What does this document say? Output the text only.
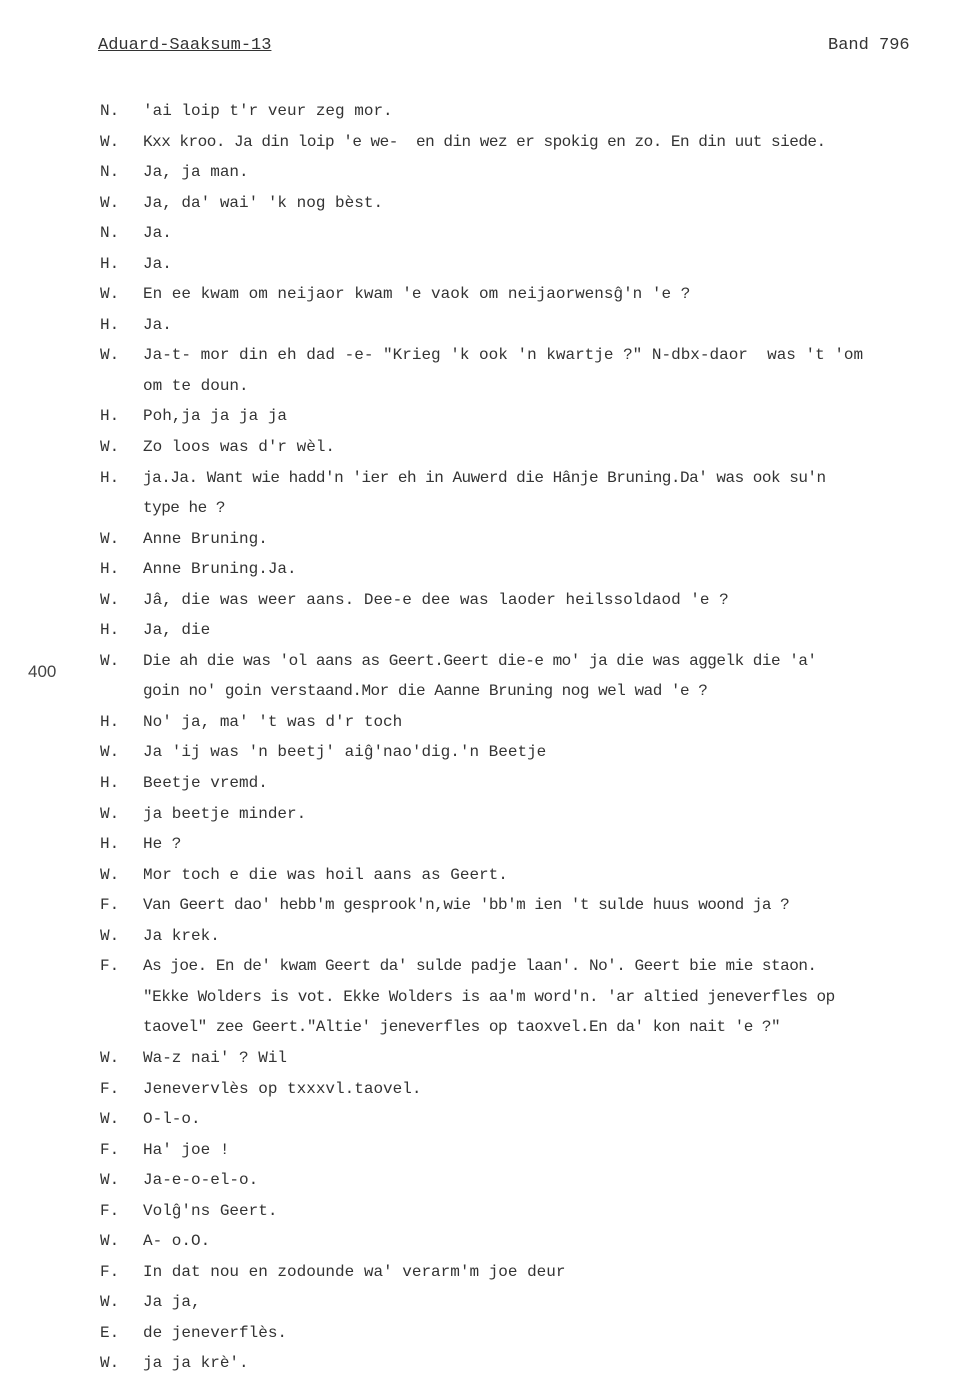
Aduard-Saaksum-13	Band 796
400
N.	'ai loip t'r veur zeg mor.
W.	Kxx kroo. Ja din loip 'e we-  en din wez er spokig en zo. En din uut siede.
N.	Ja, ja man.
W.	Ja, da' wai' 'k nog bèst.
N.	Ja.
H.	Ja.
W.	En ee kwam om neijaor kwam 'e vaok om neijaorwensĝ'n 'e ?
H.	Ja.
W.	Ja-t- mor din eh dad -e- "Krieg 'k ook 'n kwartje ?" N-dbx-daor  was 't 'om
om te doun.
H.	Poh,ja ja ja ja
W.	Zo loos was d'r wèl.
H.	ja.Ja. Want wie hadd'n 'ier eh in Auwerd die Hânje Bruning.Da' was ook su'n
type he ?
W.	Anne Bruning.
H.	Anne Bruning.Ja.
W.	Jâ, die was weer aans. Dee-e dee was laoder heilssoldaod 'e ?
H.	Ja, die
W.	Die ah die was 'ol aans as Geert.Geert die-e mo' ja die was aggelk die 'a'
goin no' goin verstaand.Mor die Aanne Bruning nog wel wad 'e ?
H.	No' ja, ma' 't was d'r toch
W.	Ja 'ij was 'n beetj' aiĝ'nao'dig.'n Beetje
H.	Beetje vremd.
W.	ja beetje minder.
H.	He ?
W.	Mor toch e die was hoil aans as Geert.
F.	Van Geert dao' hebb'm gesprook'n,wie 'bb'm ien 't sulde huus woond ja ?
W.	Ja krek.
F.	As joe. En de' kwam Geert da' sulde padje laan'. No'. Geert bie mie staon.
"Ekke Wolders is vot. Ekke Wolders is aa'm word'n. 'ar altied jeneverfles op
taovel" zee Geert."Altie' jeneverfles op taoxvel.En da' kon nait 'e ?"
W.	Wa-z nai' ? Wil
F.	Jenevervlès op txxxvl.taovel.
W.	O-l-o.
F.	Ha' joe !
W.	Ja-e-o-el-o.
F.	Volĝ'ns Geert.
W.	A- o.O.
F.	In dat nou en zodounde wa' verarm'm joe deur
W.	Ja ja,
E.	de jeneverflès.
W.	ja ja krè'.
